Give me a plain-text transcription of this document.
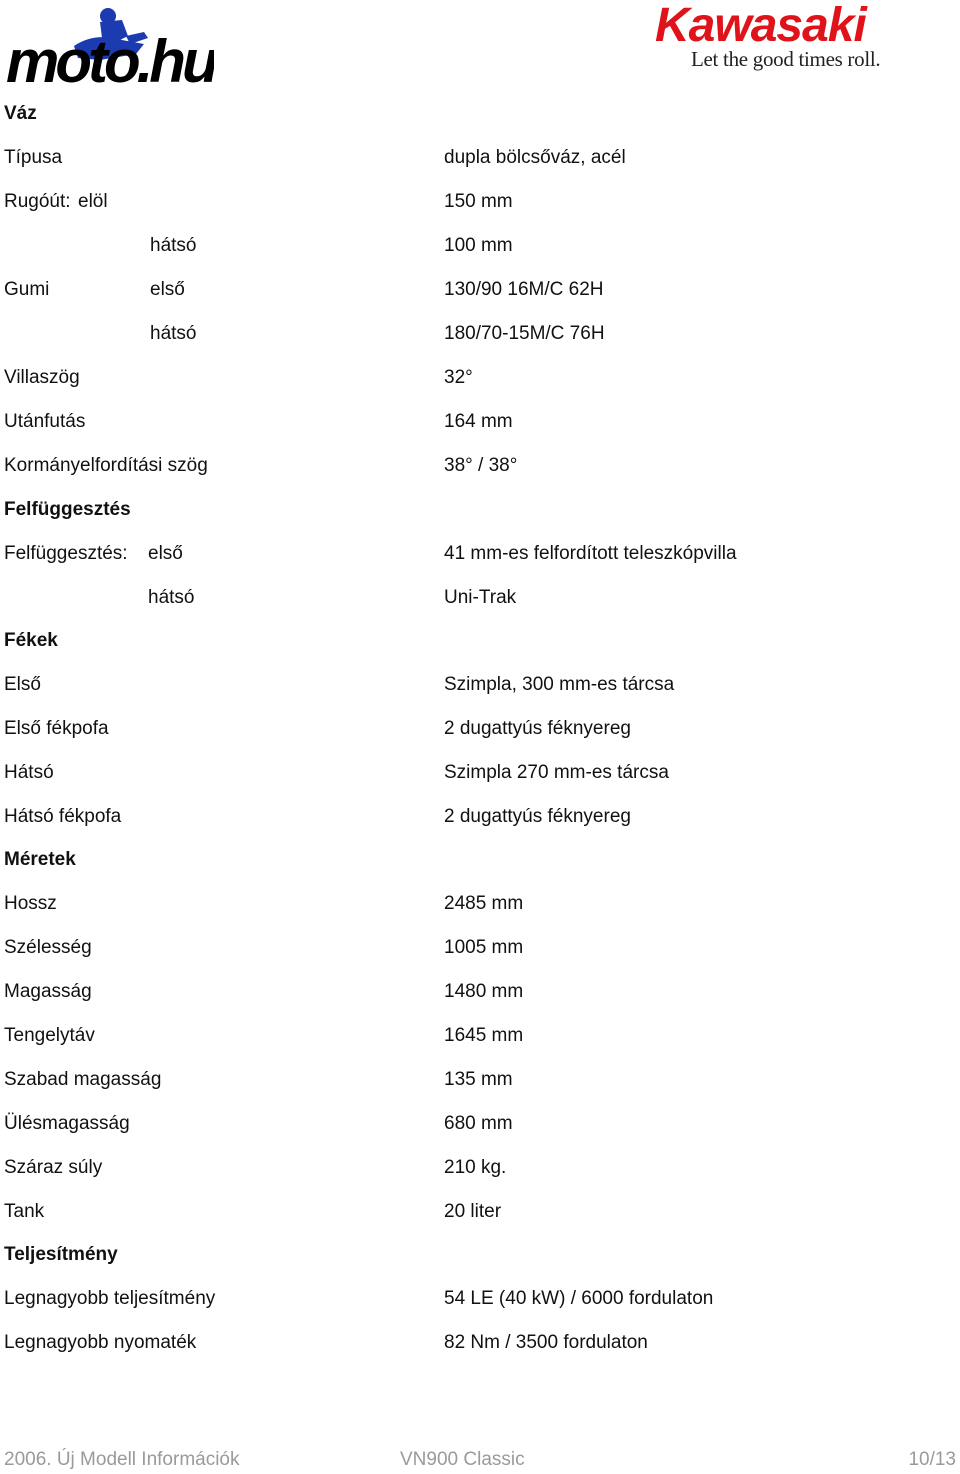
moto.hu
Kawasaki
Let the good times roll.
Váz
Típusa	dupla bölcsőváz, acél
Rugóút: elöl	150 mm
hátsó	100 mm
Gumi	első	130/90 16M/C 62H
hátsó	180/70-15M/C 76H
Villaszög	32°
Utánfutás	164 mm
Kormányelfordítási szög	38° / 38°
Felfüggesztés
Felfüggesztés: első	41 mm-es felfordított teleszkópvilla
hátsó	Uni-Trak
Fékek
Első	Szimpla, 300 mm-es tárcsa
Első fékpofa	2 dugattyús féknyereg
Hátsó	Szimpla 270 mm-es tárcsa
Hátsó fékpofa	2 dugattyús féknyereg
Méretek
Hossz	2485 mm
Szélesség	1005 mm
Magasság	1480 mm
Tengelytáv	1645 mm
Szabad magasság	135 mm
Ülésmagasság	680 mm
Száraz súly	210 kg.
Tank	20 liter
Teljesítmény
Legnagyobb teljesítmény	54 LE (40 kW) / 6000 fordulaton
Legnagyobb nyomaték	82 Nm / 3500 fordulaton
2006. Új Modell Információk	VN900 Classic	10/13
